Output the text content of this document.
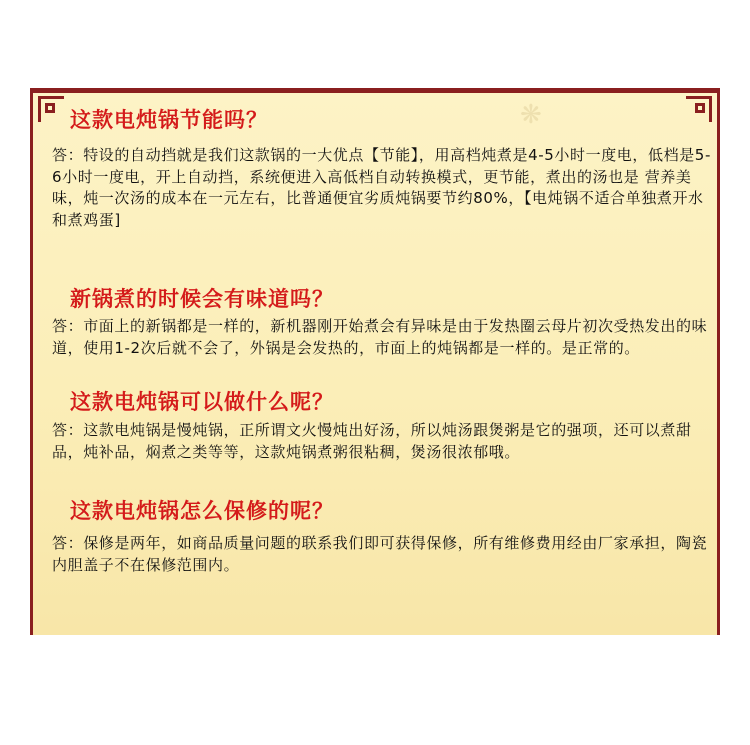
❋
这款电炖锅节能吗？
答：特设的自动挡就是我们这款锅的一大优点【节能】，用高档炖煮是4-5小时一度电，低档是5-6小时一度电，开上自动挡，系统便进入高低档自动转换模式，更节能，煮出的汤也是 营养美味，炖一次汤的成本在一元左右，比普通便宜劣质炖锅要节约80%，【电炖锅不适合单独煮开水和煮鸡蛋]
新锅煮的时候会有味道吗？
答：市面上的新锅都是一样的，新机器刚开始煮会有异味是由于发热圈云母片初次受热发出的味道，使用1-2次后就不会了，外锅是会发热的，市面上的炖锅都是一样的。是正常的。
这款电炖锅可以做什么呢？
答：这款电炖锅是慢炖锅，正所谓文火慢炖出好汤，所以炖汤跟煲粥是它的强项，还可以煮甜品，炖补品，焖煮之类等等，这款炖锅煮粥很粘稠，煲汤很浓郁哦。
这款电炖锅怎么保修的呢？
答：保修是两年，如商品质量问题的联系我们即可获得保修，所有维修费用经由厂家承担，陶瓷内胆盖子不在保修范围内。
